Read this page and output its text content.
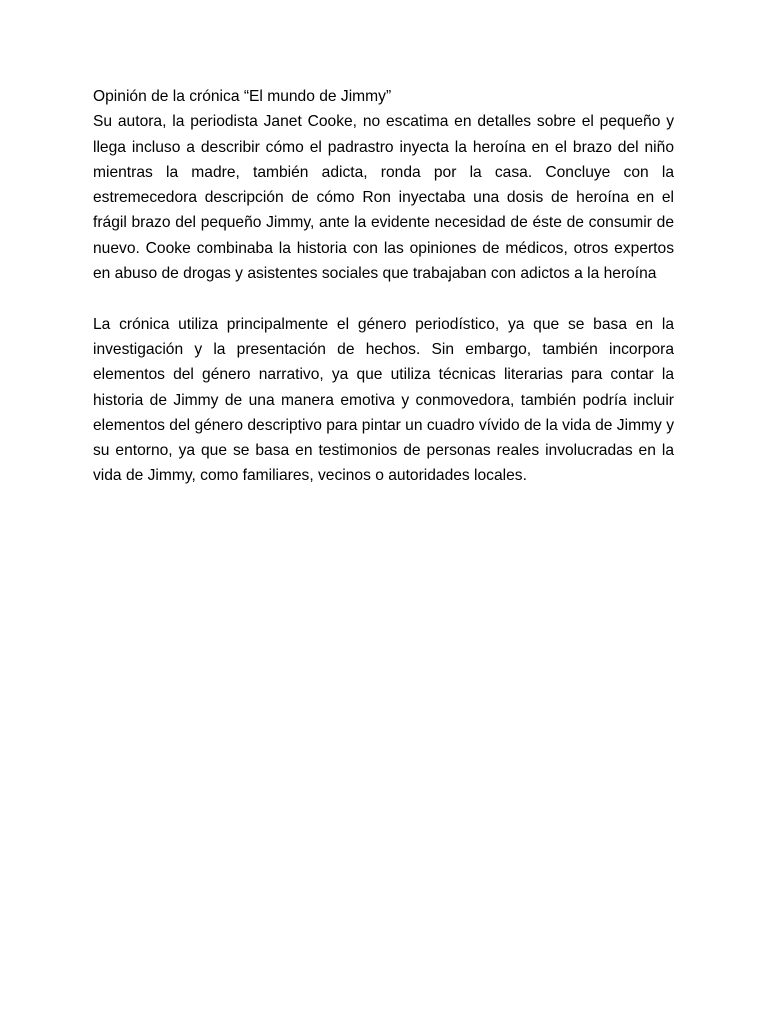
Opinión de la crónica “El mundo de Jimmy”

Su autora, la periodista Janet Cooke, no escatima en detalles sobre el pequeño y llega incluso a describir cómo el padrastro inyecta la heroína en el brazo del niño mientras la madre, también adicta, ronda por la casa. Concluye con la estremecedora descripción de cómo Ron inyectaba una dosis de heroína en el frágil brazo del pequeño Jimmy, ante la evidente necesidad de éste de consumir de nuevo. Cooke combinaba la historia con las opiniones de médicos, otros expertos en abuso de drogas y asistentes sociales que trabajaban con adictos a la heroína

La crónica utiliza principalmente el género periodístico, ya que se basa en la investigación y la presentación de hechos. Sin embargo, también incorpora elementos del género narrativo, ya que utiliza técnicas literarias para contar la historia de Jimmy de una manera emotiva y conmovedora, también podría incluir elementos del género descriptivo para pintar un cuadro vívido de la vida de Jimmy y su entorno, ya que se basa en testimonios de personas reales involucradas en la vida de Jimmy, como familiares, vecinos o autoridades locales.
